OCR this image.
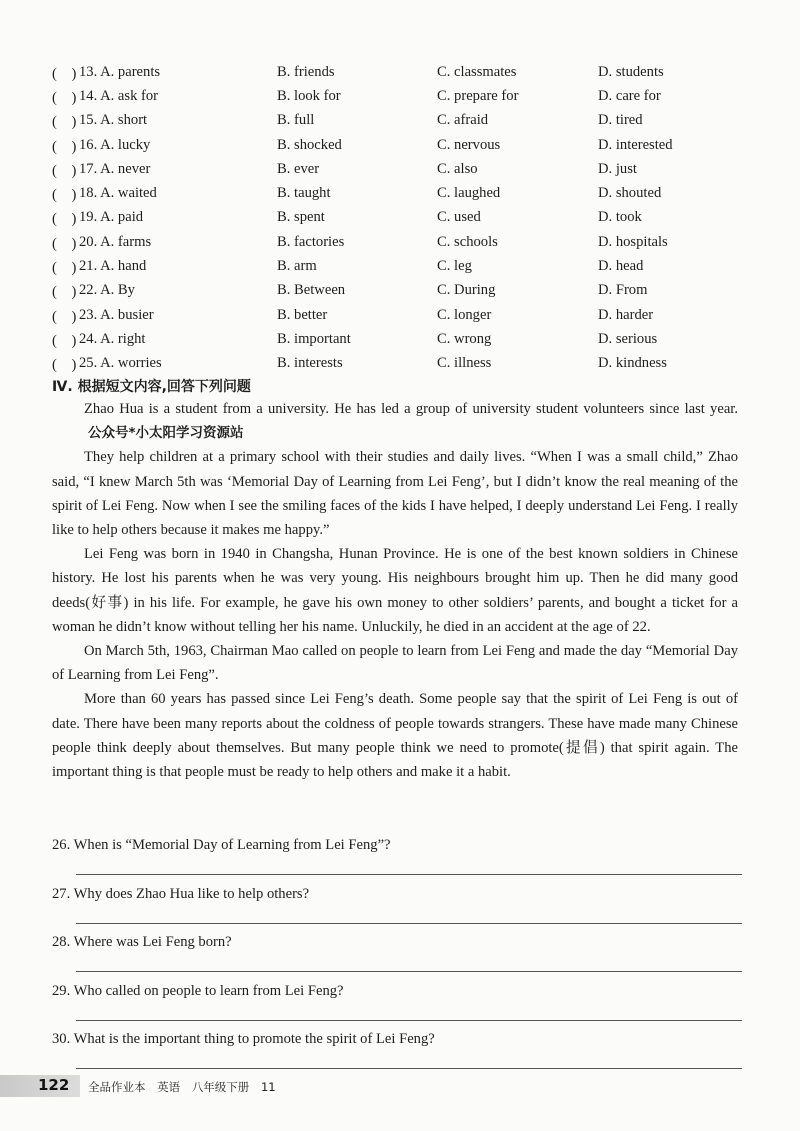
(　) 13. A. parents	B. friends	C. classmates	D. students
(　) 14. A. ask for	B. look for	C. prepare for	D. care for
(　) 15. A. short	B. full	C. afraid	D. tired
(　) 16. A. lucky	B. shocked	C. nervous	D. interested
(　) 17. A. never	B. ever	C. also	D. just
(　) 18. A. waited	B. taught	C. laughed	D. shouted
(　) 19. A. paid	B. spent	C. used	D. took
(　) 20. A. farms	B. factories	C. schools	D. hospitals
(　) 21. A. hand	B. arm	C. leg	D. head
(　) 22. A. By	B. Between	C. During	D. From
(　) 23. A. busier	B. better	C. longer	D. harder
(　) 24. A. right	B. important	C. wrong	D. serious
(　) 25. A. worries	B. interests	C. illness	D. kindness
Ⅳ. 根据短文内容,回答下列问题

Zhao Hua is a student from a university. He has led a group of university student volunteers since last year.公众号*小太阳学习资源站

They help children at a primary school with their studies and daily lives. “When I was a small child,” Zhao said, “I knew March 5th was ‘Memorial Day of Learning from Lei Feng’, but I didn’t know the real meaning of the spirit of Lei Feng. Now when I see the smiling faces of the kids I have helped, I deeply understand Lei Feng. I really like to help others because it makes me happy.”

Lei Feng was born in 1940 in Changsha, Hunan Province. He is one of the best known soldiers in Chinese history. He lost his parents when he was very young. His neighbours brought him up. Then he did many good deeds(好事) in his life. For example, he gave his own money to other soldiers’ parents, and bought a ticket for a woman he didn’t know without telling her his name. Unluckily, he died in an accident at the age of 22.

On March 5th, 1963, Chairman Mao called on people to learn from Lei Feng and made the day “Memorial Day of Learning from Lei Feng”.

More than 60 years has passed since Lei Feng’s death. Some people say that the spirit of Lei Feng is out of date. There have been many reports about the coldness of people towards strangers. These have made many Chinese people think deeply about themselves. But many people think we need to promote(提倡) that spirit again. The important thing is that people must be ready to help others and make it a habit.

26. When is “Memorial Day of Learning from Lei Feng”?
27. Why does Zhao Hua like to help others?
28. Where was Lei Feng born?
29. Who called on people to learn from Lei Feng?
30. What is the important thing to promote the spirit of Lei Feng?
122 全品作业本 英语 八年级下册 11
